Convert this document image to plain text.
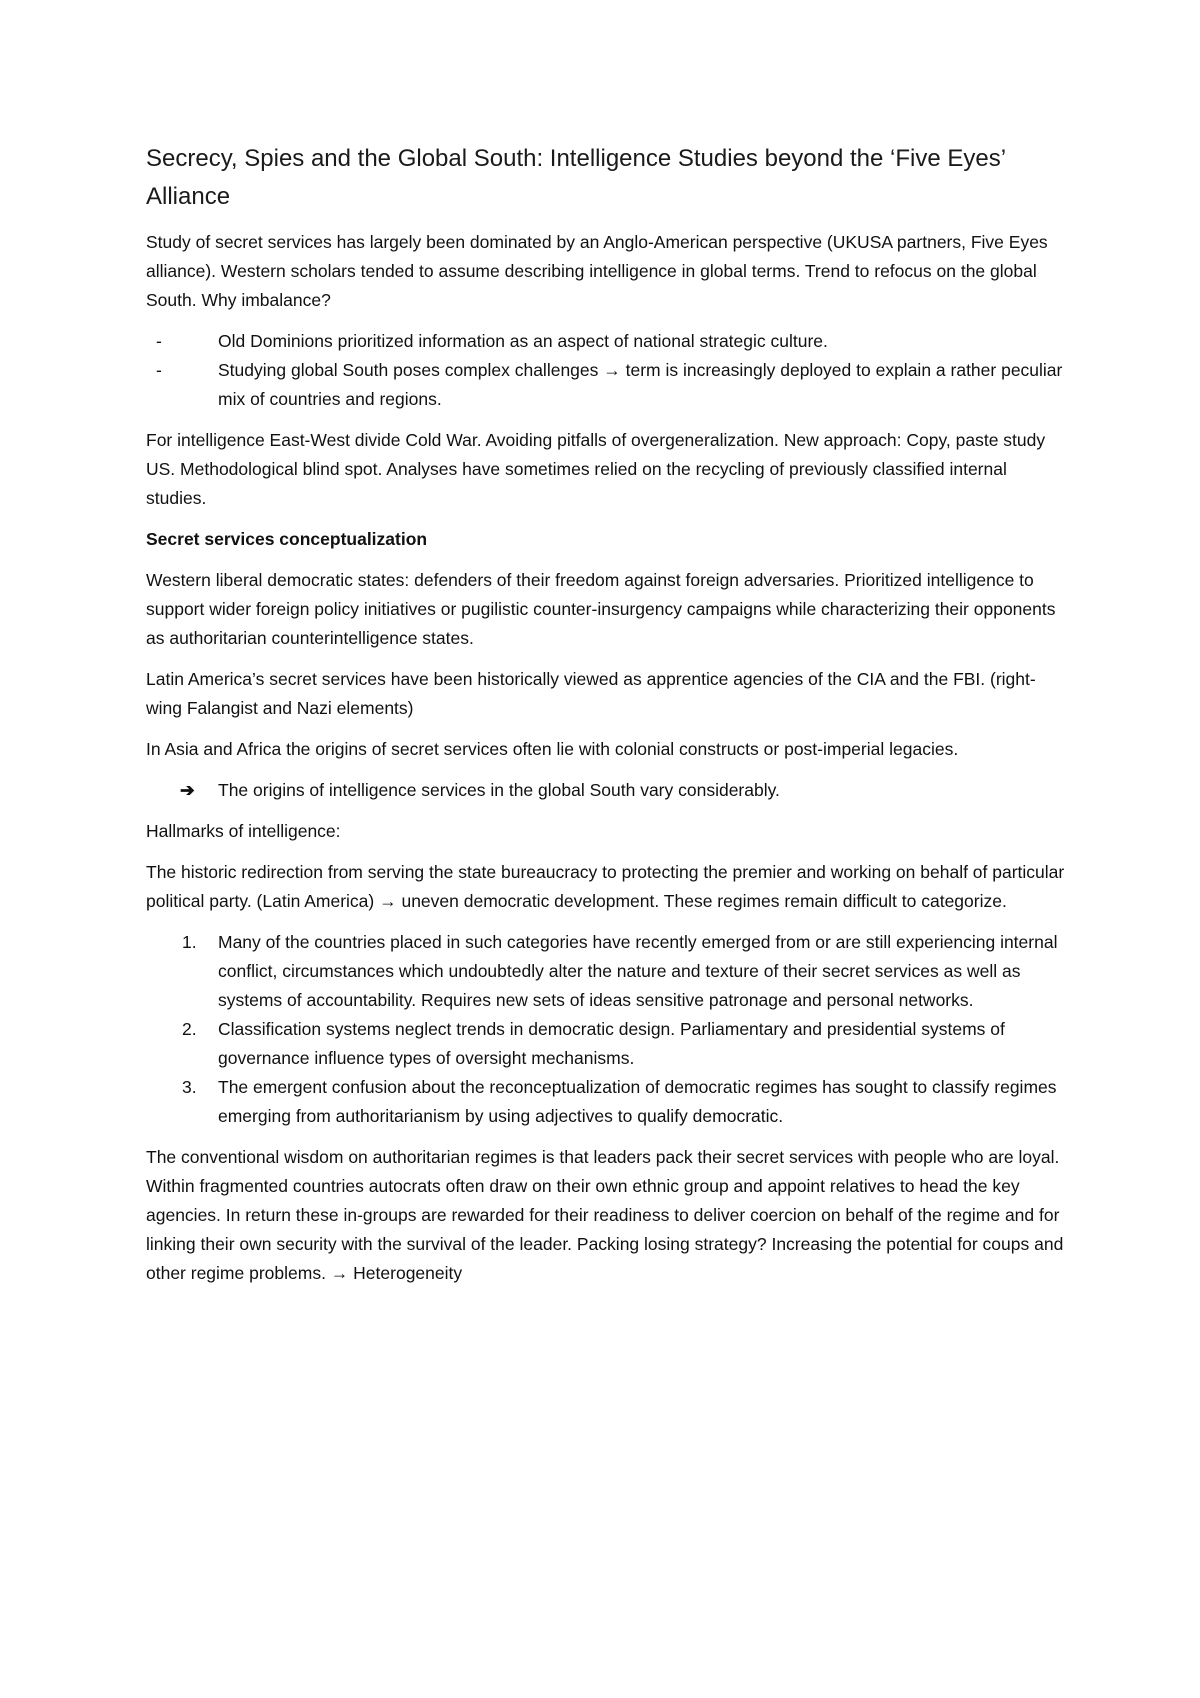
Secrecy, Spies and the Global South: Intelligence Studies beyond the ‘Five Eyes’ Alliance

Study of secret services has largely been dominated by an Anglo-American perspective (UKUSA partners, Five Eyes alliance). Western scholars tended to assume describing intelligence in global terms. Trend to refocus on the global South. Why imbalance?

-	Old Dominions prioritized information as an aspect of national strategic culture.
-	Studying global South poses complex challenges → term is increasingly deployed to explain a rather peculiar mix of countries and regions.

For intelligence East-West divide Cold War. Avoiding pitfalls of overgeneralization. New approach: Copy, paste study US. Methodological blind spot. Analyses have sometimes relied on the recycling of previously classified internal studies.

Secret services conceptualization

Western liberal democratic states: defenders of their freedom against foreign adversaries. Prioritized intelligence to support wider foreign policy initiatives or pugilistic counter-insurgency campaigns while characterizing their opponents as authoritarian counterintelligence states.

Latin America’s secret services have been historically viewed as apprentice agencies of the CIA and the FBI. (right-wing Falangist and Nazi elements)

In Asia and Africa the origins of secret services often lie with colonial constructs or post-imperial legacies.

➔ The origins of intelligence services in the global South vary considerably.

Hallmarks of intelligence:

The historic redirection from serving the state bureaucracy to protecting the premier and working on behalf of particular political party. (Latin America) → uneven democratic development. These regimes remain difficult to categorize.

1. Many of the countries placed in such categories have recently emerged from or are still experiencing internal conflict, circumstances which undoubtedly alter the nature and texture of their secret services as well as systems of accountability. Requires new sets of ideas sensitive patronage and personal networks.
2. Classification systems neglect trends in democratic design. Parliamentary and presidential systems of governance influence types of oversight mechanisms.
3. The emergent confusion about the reconceptualization of democratic regimes has sought to classify regimes emerging from authoritarianism by using adjectives to qualify democratic.

The conventional wisdom on authoritarian regimes is that leaders pack their secret services with people who are loyal. Within fragmented countries autocrats often draw on their own ethnic group and appoint relatives to head the key agencies. In return these in-groups are rewarded for their readiness to deliver coercion on behalf of the regime and for linking their own security with the survival of the leader. Packing losing strategy? Increasing the potential for coups and other regime problems. → Heterogeneity
